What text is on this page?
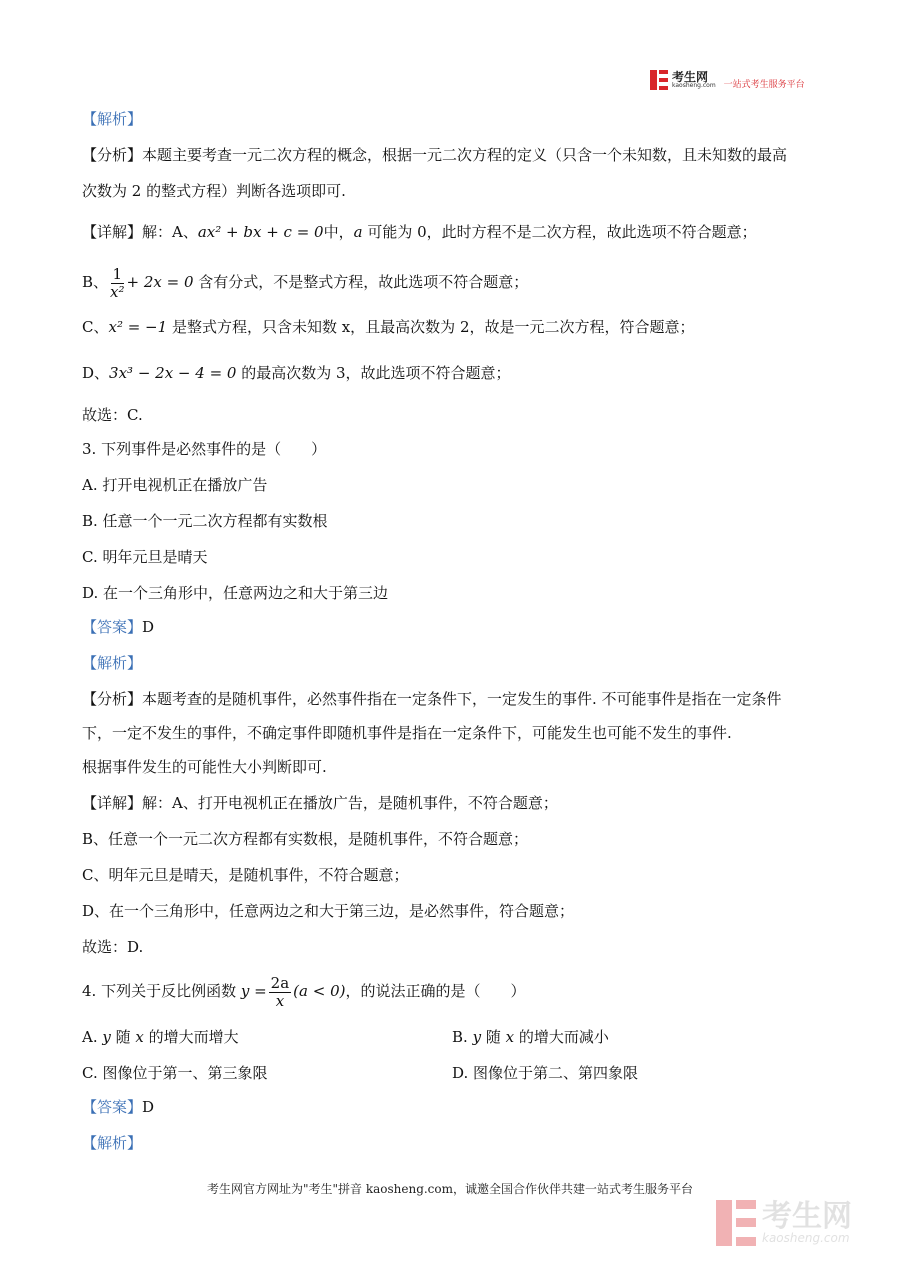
考生网
kaosheng.com 一站式考生服务平台
【解析】
【分析】本题主要考查一元二次方程的概念，根据一元二次方程的定义（只含一个未知数，且未知数的最高
次数为 2 的整式方程）判断各选项即可.
【详解】解：A、ax² + bx + c = 0中，a 可能为 0，此时方程不是二次方程，故此选项不符合题意；
B、 $\frac{1}{\text{x²}} + 2x = 0$ 含有分式，不是整式方程，故此选项不符合题意；
C、x² = −1 是整式方程，只含未知数 x，且最高次数为 2，故是一元二次方程，符合题意；
D、3x³ − 2x − 4 = 0 的最高次数为 3，故此选项不符合题意；
故选：C.
3. 下列事件是必然事件的是（　　）
A. 打开电视机正在播放广告
B. 任意一个一元二次方程都有实数根
C. 明年元旦是晴天
D. 在一个三角形中，任意两边之和大于第三边
【答案】D
【解析】
【分析】本题考查的是随机事件，必然事件指在一定条件下，一定发生的事件. 不可能事件是指在一定条件
下，一定不发生的事件，不确定事件即随机事件是指在一定条件下，可能发生也可能不发生的事件.
根据事件发生的可能性大小判断即可.
【详解】解：A、打开电视机正在播放广告，是随机事件，不符合题意；
B、任意一个一元二次方程都有实数根，是随机事件，不符合题意；
C、明年元旦是晴天，是随机事件，不符合题意；
D、在一个三角形中，任意两边之和大于第三边，是必然事件，符合题意；
故选：D.
4. 下列关于反比例函数 $y = \frac{2a}{x} (a < 0)$，的说法正确的是（　　）
A. y 随 x 的增大而增大	B. y 随 x 的增大而减小
C. 图像位于第一、第三象限	D. 图像位于第二、第四象限
【答案】D
【解析】
考生网官方网址为"考生"拼音 kaosheng.com，诚邀全国合作伙伴共建一站式考生服务平台
考生网
kaosheng.com
